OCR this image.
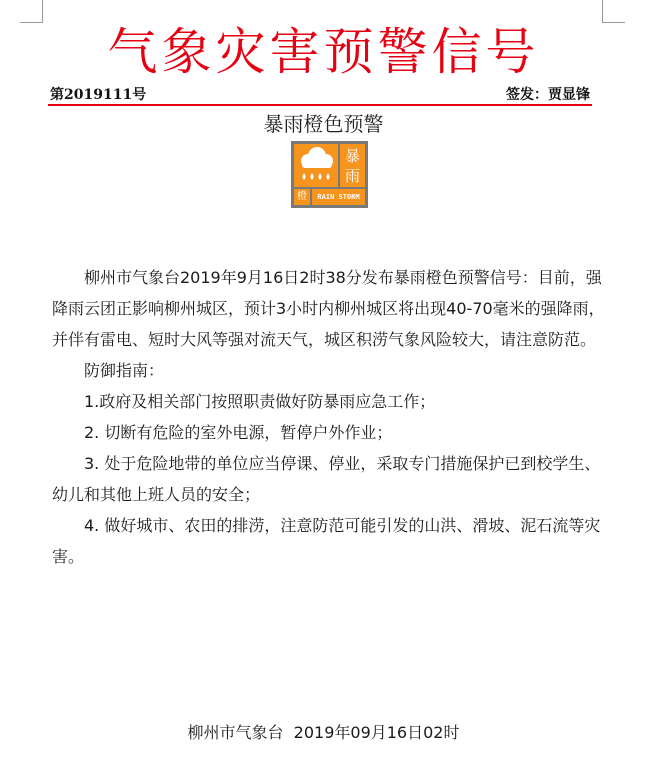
气象灾害预警信号
第2019111号	签发：贾显锋
暴雨橙色预警
暴
雨
橙	RAIN STORM

柳州市气象台2019年9月16日2时38分发布暴雨橙色预警信号：目前，强降雨云团正影响柳州城区，预计3小时内柳州城区将出现40-70毫米的强降雨，并伴有雷电、短时大风等强对流天气，城区积涝气象风险较大，请注意防范。

防御指南：

1.政府及相关部门按照职责做好防暴雨应急工作；

2. 切断有危险的室外电源，暂停户外作业；

3. 处于危险地带的单位应当停课、停业，采取专门措施保护已到校学生、幼儿和其他上班人员的安全；

4. 做好城市、农田的排涝，注意防范可能引发的山洪、滑坡、泥石流等灾害。

柳州市气象台  2019年09月16日02时
